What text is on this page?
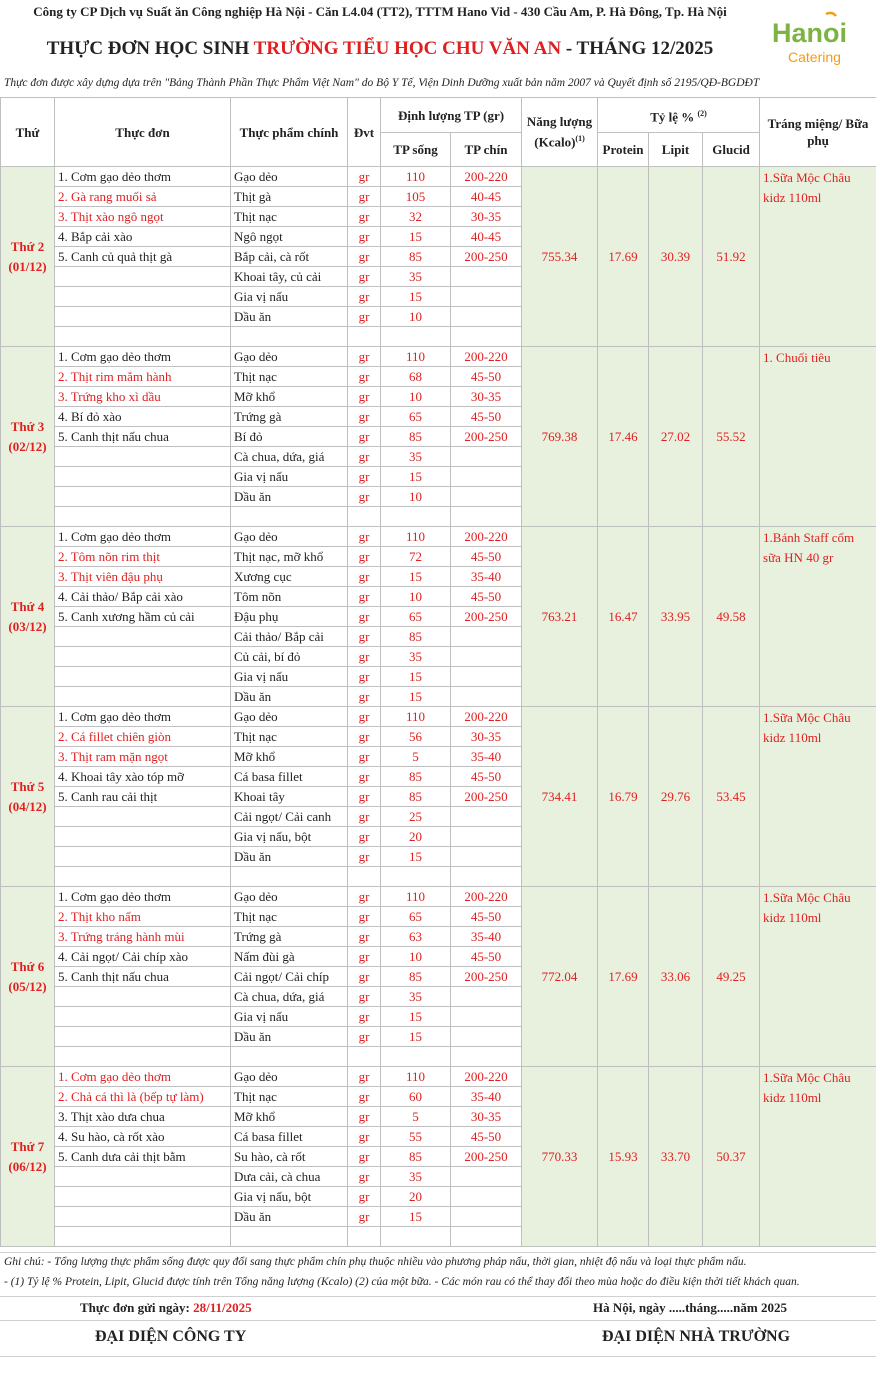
Công ty CP Dịch vụ Suất ăn Công nghiệp Hà Nội - Căn L4.04 (TT2), TTTM Hano Vid - 430 Cầu Am, P. Hà Đông, Tp. Hà Nội
THỰC ĐƠN HỌC SINH TRƯỜNG TIỂU HỌC CHU VĂN AN - THÁNG 12/2025
Hanoi
Catering
Thực đơn được xây dựng dựa trên "Bảng Thành Phần Thực Phẩm Việt Nam" do Bộ Y Tế, Viện Dinh Dưỡng xuất bản năm 2007 và Quyết định số 2195/QĐ-BGDĐT
Thứ	Thực đơn	Thực phẩm chính	Đvt	Định lượng TP (gr)		Năng lượng (Kcalo)$^{(1)}$	Tỷ lệ % $^{(2)}$			Tráng miệng/ Bữa phụ
				TP sống	TP chín		Protein	Lipit	Glucid	

Thứ 2
(01/12)	1. Cơm gạo dẻo thơm	Gạo dẻo	gr	110	200-220	755.34	17.69	30.39	51.92	1.Sữa Mộc Châu kidz 110ml
	2. Gà rang muối sả	Thịt gà	gr	105	40-45					
	3. Thịt xào ngô ngọt	Thịt nạc	gr	32	30-35					
	4. Bắp cải xào	Ngô ngọt	gr	15	40-45					
	5. Canh củ quả thịt gà	Bắp cải, cà rốt	gr	85	200-250					
		Khoai tây, củ cải	gr	35						
		Gia vị nấu	gr	15						
		Dầu ăn	gr	10						

Thứ 3
(02/12)	1. Cơm gạo dẻo thơm	Gạo dẻo	gr	110	200-220	769.38	17.46	27.02	55.52	1. Chuối tiêu
	2. Thịt rim mắm hành	Thịt nạc	gr	68	45-50					
	3. Trứng kho xì dầu	Mỡ khổ	gr	10	30-35					
	4. Bí đỏ xào	Trứng gà	gr	65	45-50					
	5. Canh thịt nấu chua	Bí đỏ	gr	85	200-250					
		Cà chua, dứa, giá	gr	35						
		Gia vị nấu	gr	15						
		Dầu ăn	gr	10						

Thứ 4
(03/12)	1. Cơm gạo dẻo thơm	Gạo dẻo	gr	110	200-220	763.21	16.47	33.95	49.58	1.Bánh Staff cốm sữa HN 40 gr
	2. Tôm nõn rim thịt	Thịt nạc, mỡ khổ	gr	72	45-50					
	3. Thịt viên đậu phụ	Xương cục	gr	15	35-40					
	4. Cải thảo/ Bắp cải xào	Tôm nõn	gr	10	45-50					
	5. Canh xương hầm củ cải	Đậu phụ	gr	65	200-250					
		Cải thảo/ Bắp cải	gr	85						
		Củ cải, bí đỏ	gr	35						
		Gia vị nấu	gr	15						
		Dầu ăn	gr	15						

Thứ 5
(04/12)	1. Cơm gạo dẻo thơm	Gạo dẻo	gr	110	200-220	734.41	16.79	29.76	53.45	1.Sữa Mộc Châu kidz 110ml
	2. Cá fillet chiên giòn	Thịt nạc	gr	56	30-35					
	3. Thịt ram mặn ngọt	Mỡ khổ	gr	5	35-40					
	4. Khoai tây xào tóp mỡ	Cá basa fillet	gr	85	45-50					
	5. Canh rau cải thịt	Khoai tây	gr	85	200-250					
		Cải ngọt/ Cải canh	gr	25						
		Gia vị nấu, bột	gr	20						
		Dầu ăn	gr	15						

Thứ 6
(05/12)	1. Cơm gạo dẻo thơm	Gạo dẻo	gr	110	200-220	772.04	17.69	33.06	49.25	1.Sữa Mộc Châu kidz 110ml
	2. Thịt kho nấm	Thịt nạc	gr	65	45-50					
	3. Trứng tráng hành mùi	Trứng gà	gr	63	35-40					
	4. Cải ngọt/ Cải chíp xào	Nấm đùi gà	gr	10	45-50					
	5. Canh thịt nấu chua	Cải ngọt/ Cải chíp	gr	85	200-250					
		Cà chua, dứa, giá	gr	35						
		Gia vị nấu	gr	15						
		Dầu ăn	gr	15						

Thứ 7
(06/12)	1. Cơm gạo dẻo thơm	Gạo dẻo	gr	110	200-220	770.33	15.93	33.70	50.37	1.Sữa Mộc Châu kidz 110ml
	2. Chả cá thì là (bếp tự làm)	Thịt nạc	gr	60	35-40					
	3. Thịt xào dưa chua	Mỡ khổ	gr	5	30-35					
	4. Su hào, cà rốt xào	Cá basa fillet	gr	55	45-50					
	5. Canh dưa cải thịt bằm	Su hào, cà rốt	gr	85	200-250					
		Dưa cải, cà chua	gr	35						
		Gia vị nấu, bột	gr	20						
		Dầu ăn	gr	15						

Ghi chú: - Tổng lượng thực phẩm sống được quy đổi sang thực phẩm chín phụ thuộc nhiều vào phương pháp nấu, thời gian, nhiệt độ nấu và loại thực phẩm nấu.
- (1) Tỷ lệ % Protein, Lipit, Glucid được tính trên Tổng năng lượng (Kcalo) (2) của một bữa. - Các món rau có thể thay đổi theo mùa hoặc do điều kiện thời tiết khách quan.
Thực đơn gửi ngày: 28/11/2025	Hà Nội, ngày .....tháng.....năm 2025
ĐẠI DIỆN CÔNG TY	ĐẠI DIỆN NHÀ TRƯỜNG
